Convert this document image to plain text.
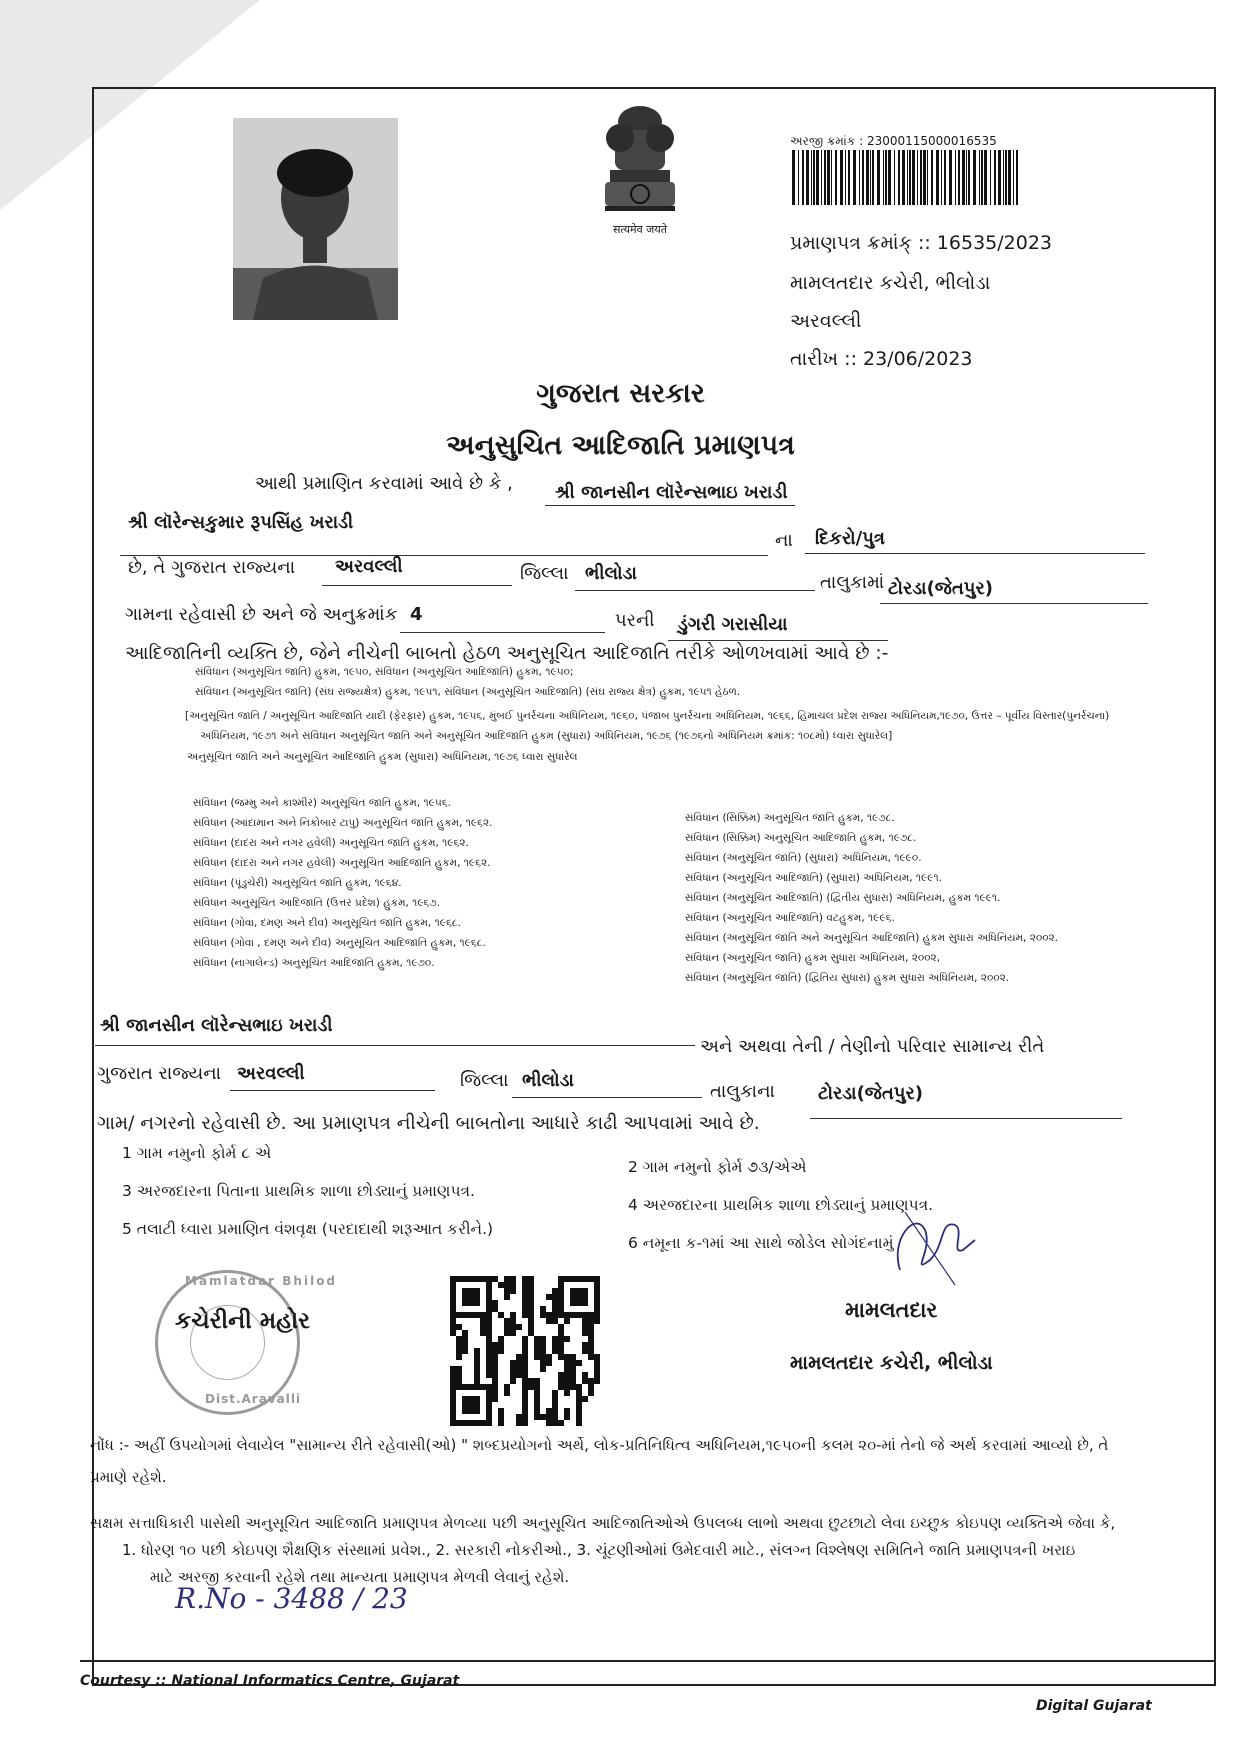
सत्यमेव जयते
અરજી ક્રમાંક : 23000115000016535
પ્રમાણપત્ર ક્રમાંક્ :: 16535/2023
મામલતદાર કચેરી, ભીલોડા
અરવલ્લી
તારીખ :: 23/06/2023
ગુજરાત સરકાર
અનુસુચિત આદિજાતિ પ્રમાણપત્ર
આથી પ્રમાણિત કરવામાં આવે છે કે , શ્રી જાનસીન લૉરેન્સભાઇ ખરાડી
શ્રી લૉરેન્સકુમાર રૂપસિંહ ખરાડી
ના દિકરો/પુત્ર
છે, તે ગુજરાત રાજ્યના અરવલ્લી	જિલ્લા ભીલોડા	તાલુકામાં ટોરડા(જેતપુર)
ગામના રહેવાસી છે અને જે અનુક્રમાંક 4	પરની ડુંગરી ગરાસીયા
આદિજાતિની વ્યક્તિ છે, જેને નીચેની બાબતો હેઠળ અનુસૂચિત આદિજાતિ તરીકે ઓળખવામાં આવે છે :-
સંવિધાન (અનુસૂચિત જાતિ) હુકમ, ૧૯૫૦, સંવિધાન (અનુસૂચિત આદિજાતિ) હુકમ, ૧૯૫૦;
સંવિધાન (અનુસૂચિત જાતિ) (સંઘ રાજ્યક્ષેત્ર) હુકમ, ૧૯૫૧, સંવિધાન (અનુસૂચિત આદિજાતિ) (સંઘ રાજ્ય ક્ષેત્ર) હુકમ, ૧૯૫૧ હેઠળ.
[અનુસૂચિત જાતિ / અનુસૂચિત આદિજાતિ યાદી (ફેરફાર) હુકમ, ૧૯૫૬, મુંબઈ પુનર્રચના અધિનિયમ, ૧૯૬૦, પંજાબ પુનર્રચના અધિનિયમ, ૧૯૬૬, હિમાચલ પ્રદેશ રાજ્ય અધિનિયમ,૧૯૭૦, ઉત્તર – પૂર્વીય વિસ્તાર(પુનર્રચના)
અધિનિયમ, ૧૯૭૧ અને સંવિધાન અનુસૂચિત જાતિ અને અનુસૂચિત આદિજાતિ હુકમ (સુધારા) અધિનિયમ, ૧૯૭૬ (૧૯૭૬નો અધિનિયમ ક્રમાંક: ૧૦૮મો) ધ્વારા સુધારેલ]
અનુસૂચિત જાતિ અને અનુસૂચિત આદિજાતિ હુકમ (સુધારા) અધિનિયમ, ૧૯૭૬ ધ્વારા સુધારેલ
સંવિધાન (જમ્મુ અને કાશ્મીર) અનુસૂચિત જાતિ હુકમ, ૧૯૫૬.
સંવિધાન (આંદામાન અને નિકોબાર ટાપુ) અનુસૂચિત જાતિ હુકમ, ૧૯૬૨.
સંવિધાન (દાદરા અને નગર હવેલી) અનુસૂચિત જાતિ હુકમ, ૧૯૬૨.
સંવિધાન (દાદરા અને નગર હવેલી) અનુસૂચિત આદિજાતિ હુકમ, ૧૯૬૨.
સંવિધાન (પૂંડુચેરી) અનુસૂચિત જાતિ હુકમ, ૧૯૬૪.
સંવિધાન અનુસૂચિત આદિજાતિ (ઉત્તર પ્રદેશ) હુકમ, ૧૯૬૭.
સંવિધાન (ગોવા, દમણ અને દીવ) અનુસૂચિત જાતિ હુકમ, ૧૯૬૮.
સંવિધાન (ગોવા , દમણ અને દીવ) અનુસૂચિત આદિજાતિ હુકમ, ૧૯૬૮.
સંવિધાન (નાગાલેન્ડ) અનુસૂચિત આદિજાતિ હુકમ, ૧૯૭૦.
સંવિધાન (સિક્કિમ) અનુસૂચિત જાતિ હુકમ, ૧૯૭૮.
સંવિધાન (સિક્કિમ) અનુસૂચિત આદિજાતિ હુકમ, ૧૯૭૮.
સંવિધાન (અનુસૂચિત જાતિ) (સુધારા) અધિનિયમ, ૧૯૯૦.
સંવિધાન (અનુસૂચિત આદિજાતિ) (સુધારા) અધિનિયમ, ૧૯૯૧.
સંવિધાન (અનુસૂચિત આદિજાતિ) (દ્વિતીય સુધારા) અધિનિયમ, હુકમ ૧૯૯૧.
સંવિધાન (અનુસૂચિત આદિજાતિ) વટહુકમ, ૧૯૯૬.
સંવિધાન (અનુસૂચિત જાતિ અને અનુસૂચિત આદિજાતિ) હુકમ સુધારા અધિનિયમ, ૨૦૦૨.
સંવિધાન (અનુસૂચિત જાતિ) હુકમ સુધારા અધિનિયમ, ૨૦૦૨,
સંવિધાન (અનુસૂચિત જાતિ) (દ્વિતિય સુધારા) હુકમ સુધારા અધિનિયમ, ૨૦૦૨.
શ્રી જાનસીન લૉરેન્સભાઇ ખરાડી
અને અથવા તેની / તેણીનો પરિવાર સામાન્ય રીતે
ગુજરાત રાજ્યના અરવલ્લી	જિલ્લા ભીલોડા
તાલુકાના ટોરડા(જેતપુર)
ગામ/ નગરનો રહેવાસી છે. આ પ્રમાણપત્ર નીચેની બાબતોના આધારે કાઢી આપવામાં આવે છે.
1 ગામ નમુનો ફોર્મ ૮ એ
3 અરજદારના પિતાના પ્રાથમિક શાળા છોડ્યાનું પ્રમાણપત્ર.
5 તલાટી ધ્વારા પ્રમાણિત વંશવૃક્ષ (પરદાદાથી શરૂઆત કરીને.)
2 ગામ નમુનો ફોર્મ ૭૩/એએ
4 અરજદારના પ્રાથમિક શાળા છોડ્યાનું પ્રમાણપત્ર.
6 નમૂના ક-૧માં આ સાથે જોડેલ સોગંદનામું
Mamlatdar Bhilod
કચેરીની મહોર
Dist.Aravalli
મામલતદાર
મામલતદાર કચેરી, ભીલોડા
નોંધ :- અહીં ઉપયોગમાં લેવાયેલ "સામાન્ય રીતે રહેવાસી(ઓ) " શબ્દપ્રયોગનો અર્થે, લોક-પ્રતિનિધિત્વ અધિનિયમ,૧૯૫૦ની કલમ ૨૦-માં તેનો જે અર્થ કરવામાં આવ્યો છે, તે
પ્રમાણે રહેશે.
સક્ષમ સત્તાધિકારી પાસેથી અનુસૂચિત આદિજાતિ પ્રમાણપત્ર મેળવ્યા પછી અનુસૂચિત આદિજાતિઓએ ઉપલબ્ધ લાભો અથવા છુટછાટો લેવા ઇચ્છુક કોઇપણ વ્યક્તિએ જેવા કે,
1. ધોરણ ૧૦ પછી કોઇપણ શૈક્ષણિક સંસ્થામાં પ્રવેશ., 2. સરકારી નોકરીઓ., 3. ચૂંટણીઓમાં ઉમેદવારી માટે., સંલગ્ન વિશ્લેષણ સમિતિને જાતિ પ્રમાણપત્રની ખરાઇ
માટે અરજી કરવાની રહેશે તથા માન્યતા પ્રમાણપત્ર મેળવી લેવાનું રહેશે.
R.No - 3488 / 23
Courtesy :: National Informatics Centre, Gujarat
Digital Gujarat
